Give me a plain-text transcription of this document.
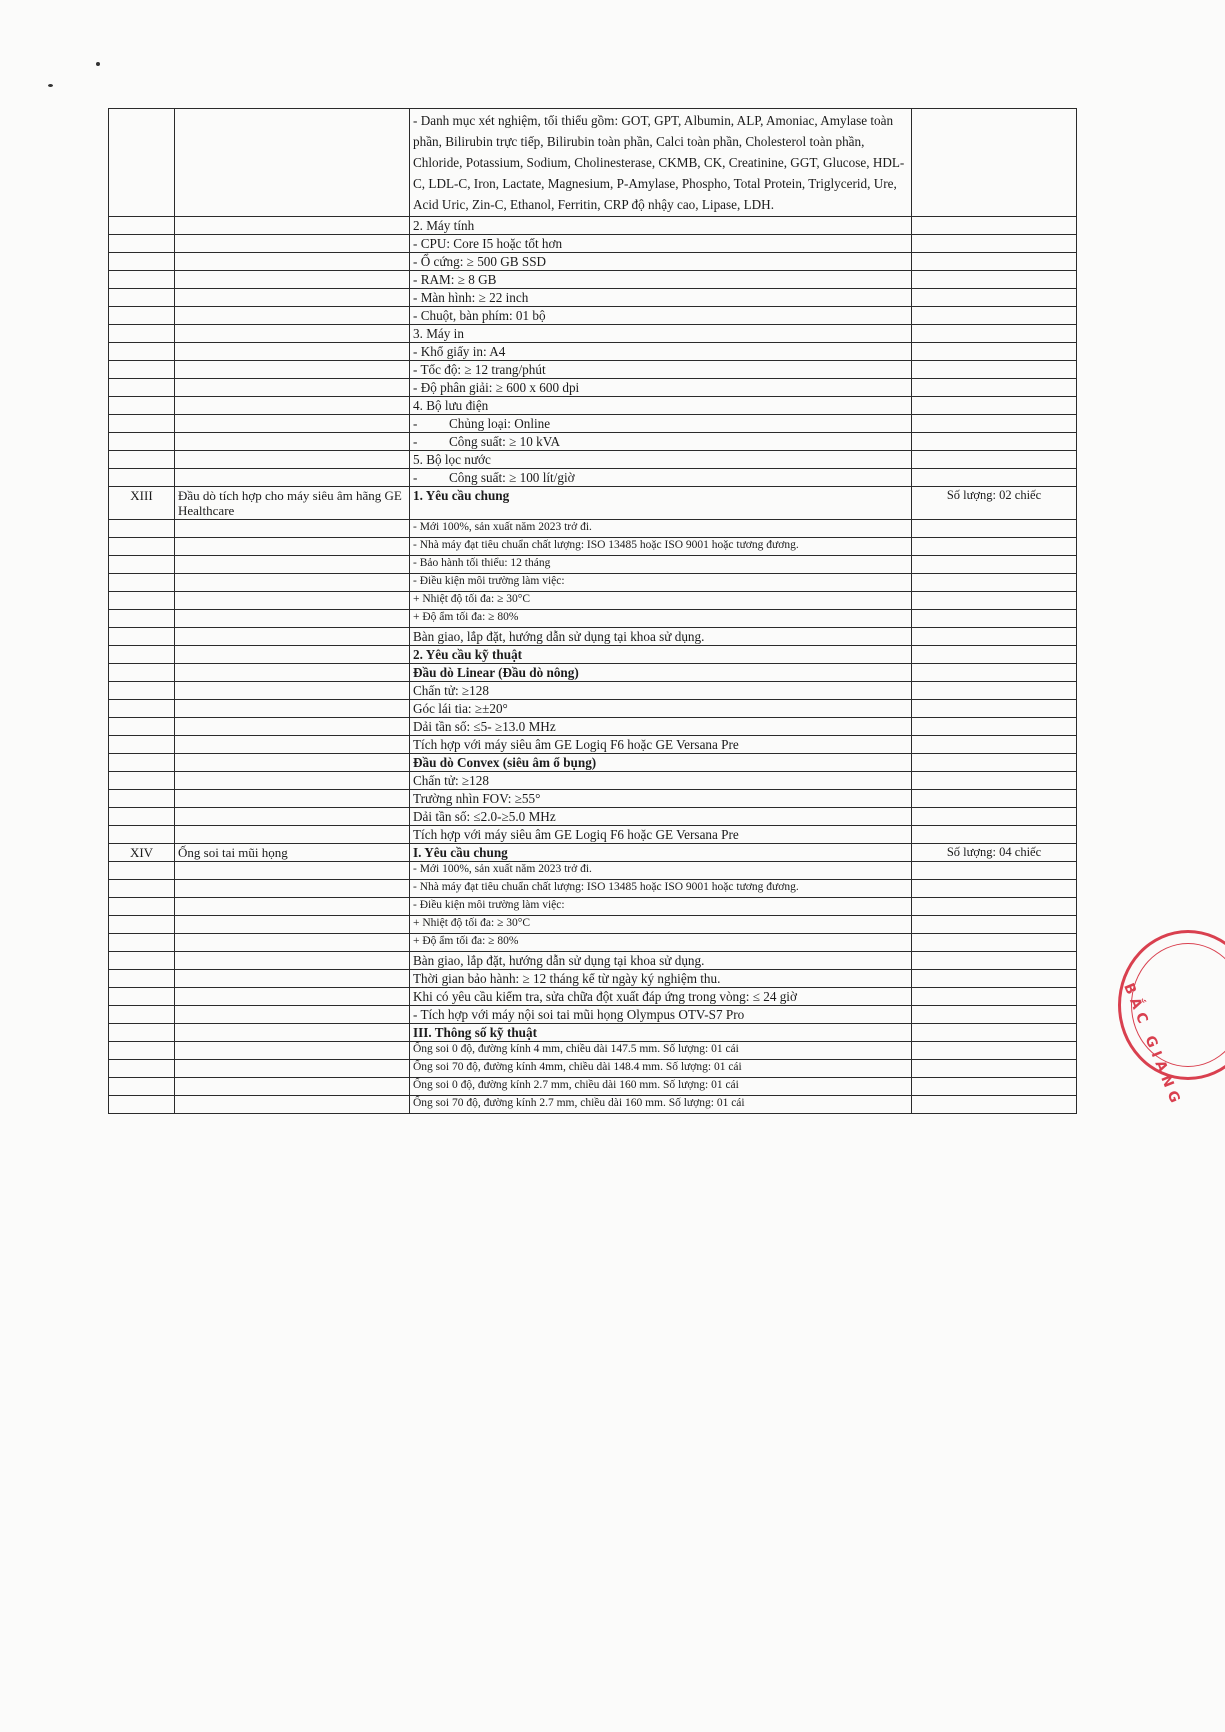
		- Danh mục xét nghiệm, tối thiểu gồm: GOT, GPT, Albumin, ALP, Amoniac, Amylase toàn phần, Bilirubin trực tiếp, Bilirubin toàn phần, Calci toàn phần, Cholesterol toàn phần, Chloride, Potassium, Sodium, Cholinesterase, CKMB, CK, Creatinine, GGT, Glucose, HDL-C, LDL-C, Iron, Lactate, Magnesium, P-Amylase, Phospho, Total Protein, Triglycerid, Ure, Acid Uric, Zin-C, Ethanol, Ferritin, CRP độ nhậy cao, Lipase, LDH.	
		2. Máy tính	
		- CPU: Core I5 hoặc tốt hơn	
		- Ổ cứng: ≥ 500 GB SSD	
		- RAM: ≥ 8 GB	
		- Màn hình: ≥ 22 inch	
		- Chuột, bàn phím: 01 bộ	
		3. Máy in	
		- Khổ giấy in: A4	
		- Tốc độ: ≥ 12 trang/phút	
		- Độ phân giải: ≥ 600 x 600 dpi	
		4. Bộ lưu điện	
		- Chủng loại: Online	
		- Công suất: ≥ 10 kVA	
		5. Bộ lọc nước	
		- Công suất: ≥ 100 lít/giờ	
XIII	Đầu dò tích hợp cho máy siêu âm hãng GE Healthcare	1. Yêu cầu chung	Số lượng: 02 chiếc
		- Mới 100%, sản xuất năm 2023 trở đi.	
		- Nhà máy đạt tiêu chuẩn chất lượng: ISO 13485 hoặc ISO 9001 hoặc tương đương.	
		- Bảo hành tối thiểu: 12 tháng	
		- Điều kiện môi trường làm việc:	
		+ Nhiệt độ tối đa: ≥ 30°C	
		+ Độ ẩm tối đa: ≥ 80%	
		Bàn giao, lắp đặt, hướng dẫn sử dụng tại khoa sử dụng.	
		2. Yêu cầu kỹ thuật	
		Đầu dò Linear (Đầu dò nông)	
		Chấn tử: ≥128	
		Góc lái tia: ≥±20°	
		Dải tần số: ≤5- ≥13.0 MHz	
		Tích hợp với máy siêu âm GE Logiq F6 hoặc GE Versana Pre	
		Đầu dò Convex (siêu âm ổ bụng)	
		Chấn tử: ≥128	
		Trường nhìn FOV: ≥55°	
		Dải tần số: ≤2.0-≥5.0 MHz	
		Tích hợp với máy siêu âm GE Logiq F6 hoặc GE Versana Pre	
XIV	Ống soi tai mũi họng	I. Yêu cầu chung	Số lượng: 04 chiếc
		- Mới 100%, sản xuất năm 2023 trở đi.	
		- Nhà máy đạt tiêu chuẩn chất lượng: ISO 13485 hoặc ISO 9001 hoặc tương đương.	
		- Điều kiện môi trường làm việc:	
		+ Nhiệt độ tối đa: ≥ 30°C	
		+ Độ ẩm tối đa: ≥ 80%	
		Bàn giao, lắp đặt, hướng dẫn sử dụng tại khoa sử dụng.	
		Thời gian bảo hành: ≥ 12 tháng kể từ ngày ký nghiệm thu.	
		Khi có yêu cầu kiểm tra, sửa chữa đột xuất đáp ứng trong vòng: ≤ 24 giờ	
		- Tích hợp với máy nội soi tai mũi họng Olympus OTV-S7 Pro	
		III. Thông số kỹ thuật	
		Ống soi 0 độ, đường kính 4 mm, chiều dài 147.5 mm. Số lượng: 01 cái	
		Ống soi 70 độ, đường kính 4mm, chiều dài 148.4 mm. Số lượng: 01 cái	
		Ống soi 0 độ, đường kính 2.7 mm, chiều dài 160 mm. Số lượng: 01 cái	
		Ống soi 70 độ, đường kính 2.7 mm, chiều dài 160 mm. Số lượng: 01 cái		BẮC GIANG
